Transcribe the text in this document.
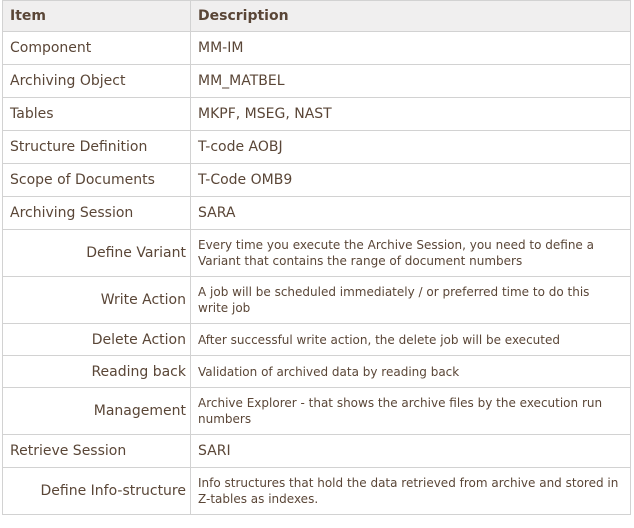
Item	Description
Component	MM-IM
Archiving Object	MM_MATBEL
Tables	MKPF, MSEG, NAST
Structure Definition	T-code AOBJ
Scope of Documents	T-Code OMB9
Archiving Session	SARA
Define Variant	Every time you execute the Archive Session, you need to define a Variant that contains the range of document numbers
Write Action	A job will be scheduled immediately / or preferred time to do this write job
Delete Action	After successful write action, the delete job will be executed
Reading back	Validation of archived data by reading back
Management	Archive Explorer - that shows the archive files by the execution run numbers
Retrieve Session	SARI
Define Info-structure	Info structures that hold the data retrieved from archive and stored in Z-tables as indexes.
